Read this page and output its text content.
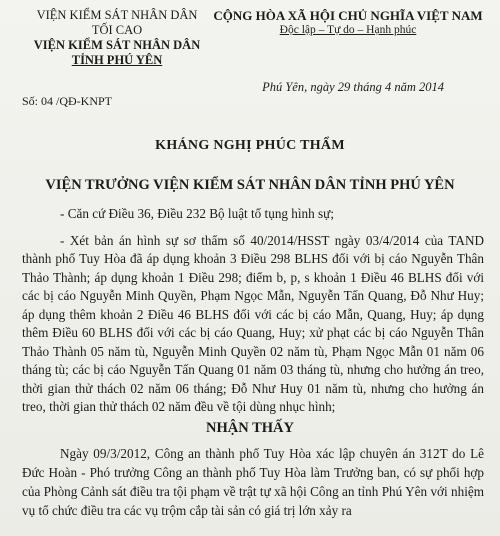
VIỆN KIỂM SÁT NHÂN DÂN
TỐI CAO
VIỆN KIỂM SÁT NHÂN DÂN
TỈNH PHÚ YÊN
CỘNG HÒA XÃ HỘI CHỦ NGHĨA VIỆT NAM
Độc lập – Tự do – Hạnh phúc
Số: 04 /QĐ-KNPT
Phú Yên, ngày 29 tháng 4 năm 2014
KHÁNG NGHỊ PHÚC THẨM
VIỆN TRƯỞNG VIỆN KIỂM SÁT NHÂN DÂN TỈNH PHÚ YÊN

- Căn cứ Điều 36, Điều 232 Bộ luật tố tụng hình sự;

- Xét bản án hình sự sơ thẩm số 40/2014/HSST ngày 03/4/2014 của TAND thành phố Tuy Hòa đã áp dụng khoản 3 Điều 298 BLHS đối với bị cáo Nguyễn Thân Thảo Thành; áp dụng khoản 1 Điều 298; điểm b, p, s khoản 1 Điều 46 BLHS đối với các bị cáo Nguyễn Minh Quyền, Phạm Ngọc Mẫn, Nguyễn Tấn Quang, Đỗ Như Huy; áp dụng thêm khoản 2 Điều 46 BLHS đối với các bị cáo Mẫn, Quang, Huy; áp dụng thêm Điều 60 BLHS đối với các bị cáo Quang, Huy; xử phạt các bị cáo Nguyễn Thân Thảo Thành 05 năm tù, Nguyễn Minh Quyền 02 năm tù, Phạm Ngọc Mẫn 01 năm 06 tháng tù; các bị cáo Nguyễn Tấn Quang 01 năm 03 tháng tù, nhưng cho hưởng án treo, thời gian thử thách 02 năm 06 tháng; Đỗ Như Huy 01 năm tù, nhưng cho hưởng án treo, thời gian thử thách 02 năm đều về tội dùng nhục hình;

NHẬN THẤY

Ngày 09/3/2012, Công an thành phố Tuy Hòa xác lập chuyên án 312T do Lê Đức Hoàn - Phó trưởng Công an thành phố Tuy Hòa làm Trưởng ban, có sự phối hợp của Phòng Cảnh sát điều tra tội phạm về trật tự xã hội Công an tỉnh Phú Yên với nhiệm vụ tổ chức điều tra các vụ trộm cắp tài sản có giá trị lớn xảy ra
